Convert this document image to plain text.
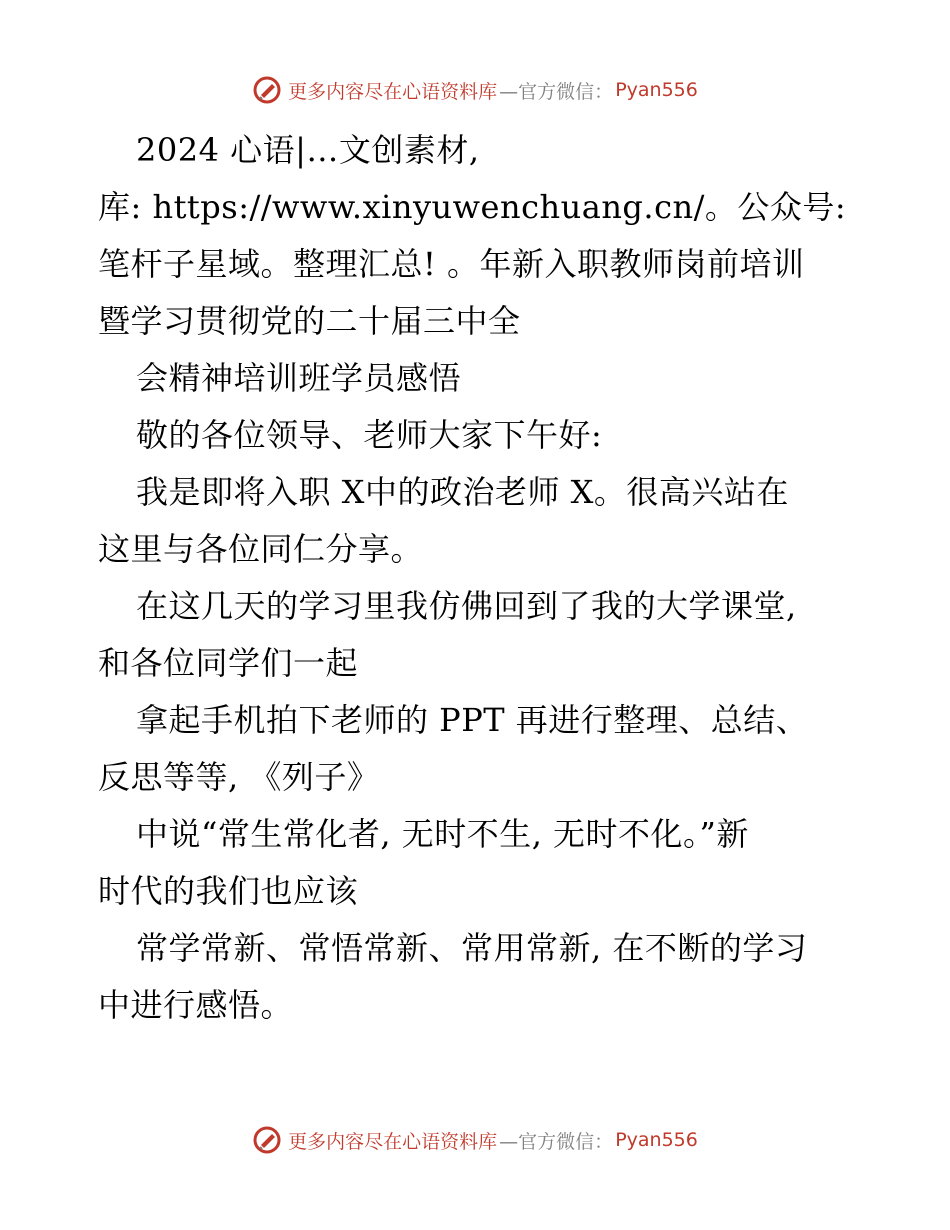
更多内容尽在心语资料库 —官方微信： Pyan556
2024 心语|…文创素材,
库: https://www.xinyuwenchuang.cn/。公众号:
笔杆子星域。整理汇总! 。年新入职教师岗前培训
暨学习贯彻党的二十届三中全
会精神培训班学员感悟
敬的各位领导、老师大家下午好:
我是即将入职 X中的政治老师 X。很高兴站在
这里与各位同仁分享。
在这几天的学习里我仿佛回到了我的大学课堂,
和各位同学们一起
拿起手机拍下老师的 PPT 再进行整理、总结、
反思等等, 《列子》
中说“常生常化者, 无时不生, 无时不化。”新
时代的我们也应该
常学常新、常悟常新、常用常新, 在不断的学习
中进行感悟。
更多内容尽在心语资料库 —官方微信： Pyan556
